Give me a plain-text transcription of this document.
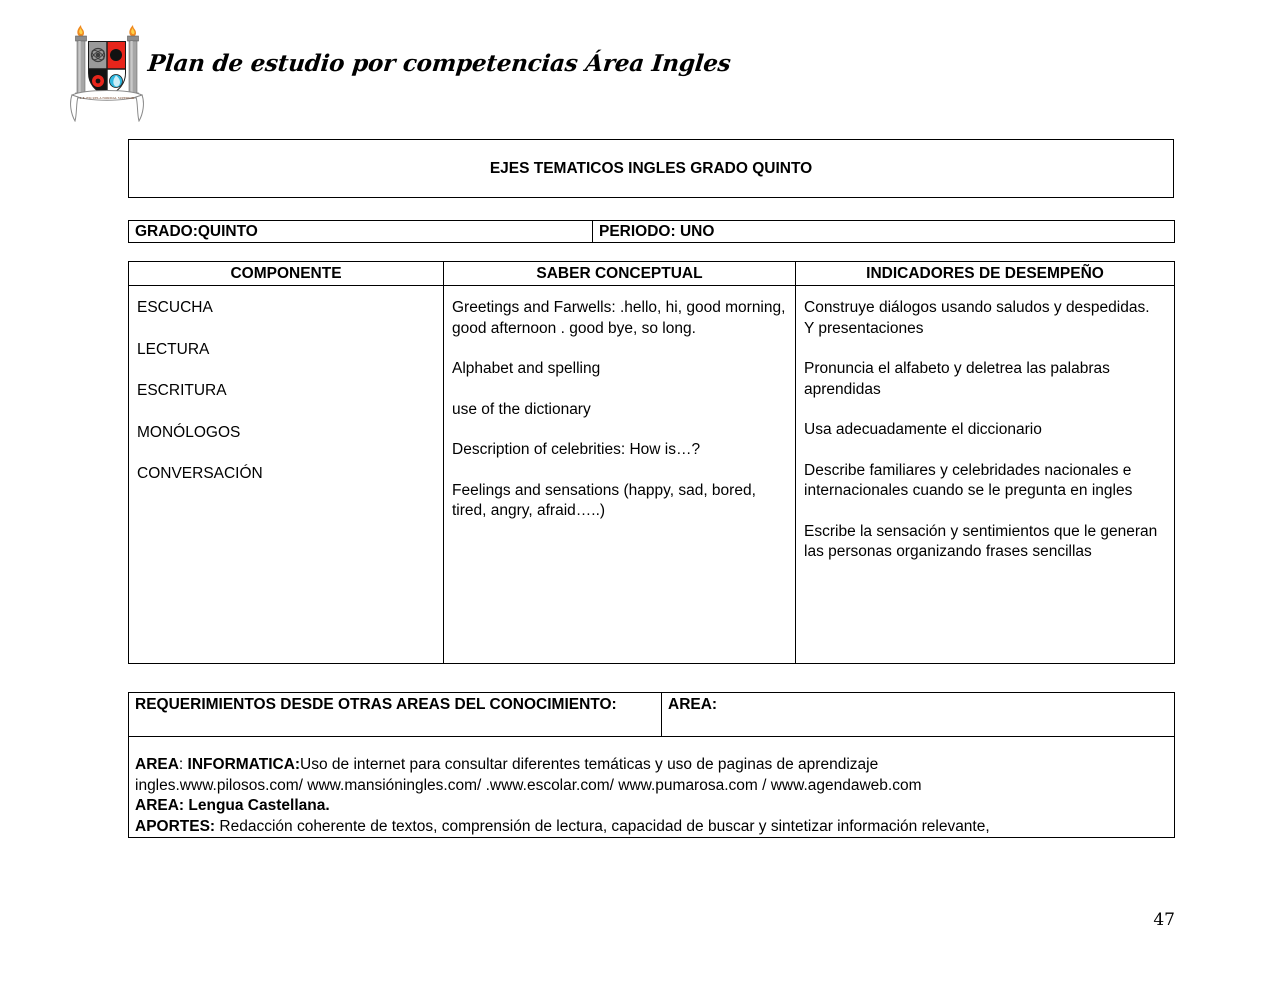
I. E. ESCUELA NORMAL SUPERIOR
Plan de estudio por competencias Área Ingles
EJES TEMATICOS INGLES GRADO QUINTO
GRADO:QUINTO	PERIODO: UNO
COMPONENTE	SABER CONCEPTUAL	INDICADORES DE DESEMPEÑO

ESCUCHA
LECTURA
ESCRITURA
MONÓLOGOS
CONVERSACIÓN

Greetings and Farwells: .hello, hi, good morning, good afternoon . good bye, so long.
Alphabet and spelling
use of the dictionary
Description of celebrities: How is…?
Feelings and sensations (happy, sad, bored, tired, angry, afraid…..)

Construye diálogos usando saludos y despedidas.
Y presentaciones
Pronuncia el alfabeto y deletrea las palabras aprendidas
Usa adecuadamente el diccionario
Describe familiares y celebridades nacionales e internacionales cuando se le pregunta en ingles
Escribe la sensación y sentimientos que le generan las personas organizando frases sencillas
REQUERIMIENTOS DESDE OTRAS AREAS DEL CONOCIMIENTO:	AREA:

AREA: INFORMATICA:Uso de internet para consultar diferentes temáticas y uso de paginas de aprendizaje
ingles.www.pilosos.com/ www.mansióningles.com/ .www.escolar.com/ www.pumarosa.com / www.agendaweb.com
AREA: Lengua Castellana.
APORTES: Redacción coherente de textos, comprensión de lectura, capacidad de buscar y sintetizar información relevante,
47
